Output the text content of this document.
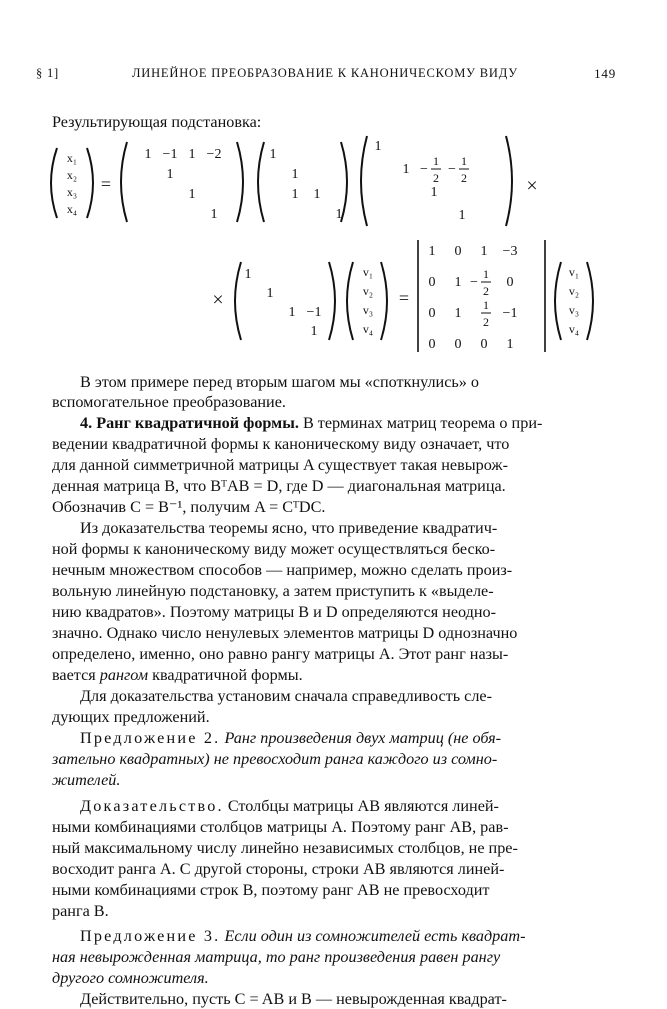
§ 1]	ЛИНЕЙНОЕ ПРЕОБРАЗОВАНИЕ К КАНОНИЧЕСКОМУ ВИДУ	149
Результирующая подстановка:
x₁
x₂
x₃
x₄
=
1 −1 1 −2
1
1
1
1
1
1 1
1
1
1 −
1
2
−
1
2
1
1
×
×
1
1
1 −1
1
v₁
v₂
v₃
v₄
=
1 0 1 −3
0 1 −
1
2
0
0 1
1
2
−1
0 0 0 1
v₁
v₂
v₃
v₄
В этом примере перед вторым шагом мы «споткнулись» о
вспомогательное преобразование.
4. Ранг квадратичной формы. В терминах матриц теорема о при-
ведении квадратичной формы к каноническому виду означает, что
для данной симметричной матрицы A существует такая невырож-
денная матрица B, что BᵀAB = D, где D — диагональная матрица.
Обозначив C = B⁻¹, получим A = CᵀDC.
Из доказательства теоремы ясно, что приведение квадратич-
ной формы к каноническому виду может осуществляться беско-
нечным множеством способов — например, можно сделать произ-
вольную линейную подстановку, а затем приступить к «выделе-
нию квадратов». Поэтому матрицы B и D определяются неодно-
значно. Однако число ненулевых элементов матрицы D однозначно
определено, именно, оно равно рангу матрицы A. Этот ранг назы-
вается рангом квадратичной формы.
Для доказательства установим сначала справедливость сле-
дующих предложений.
Предложение 2. Ранг произведения двух матриц (не обя-
зательно квадратных) не превосходит ранга каждого из сомно-
жителей.
Доказательство. Столбцы матрицы AB являются линей-
ными комбинациями столбцов матрицы A. Поэтому ранг AB, рав-
ный максимальному числу линейно независимых столбцов, не пре-
восходит ранга A. С другой стороны, строки AB являются линей-
ными комбинациями строк B, поэтому ранг AB не превосходит
ранга B.
Предложение 3. Если один из сомножителей есть квадрат-
ная невырожденная матрица, то ранг произведения равен рангу
другого сомножителя.
Действительно, пусть C = AB и B — невырожденная квадрат-
